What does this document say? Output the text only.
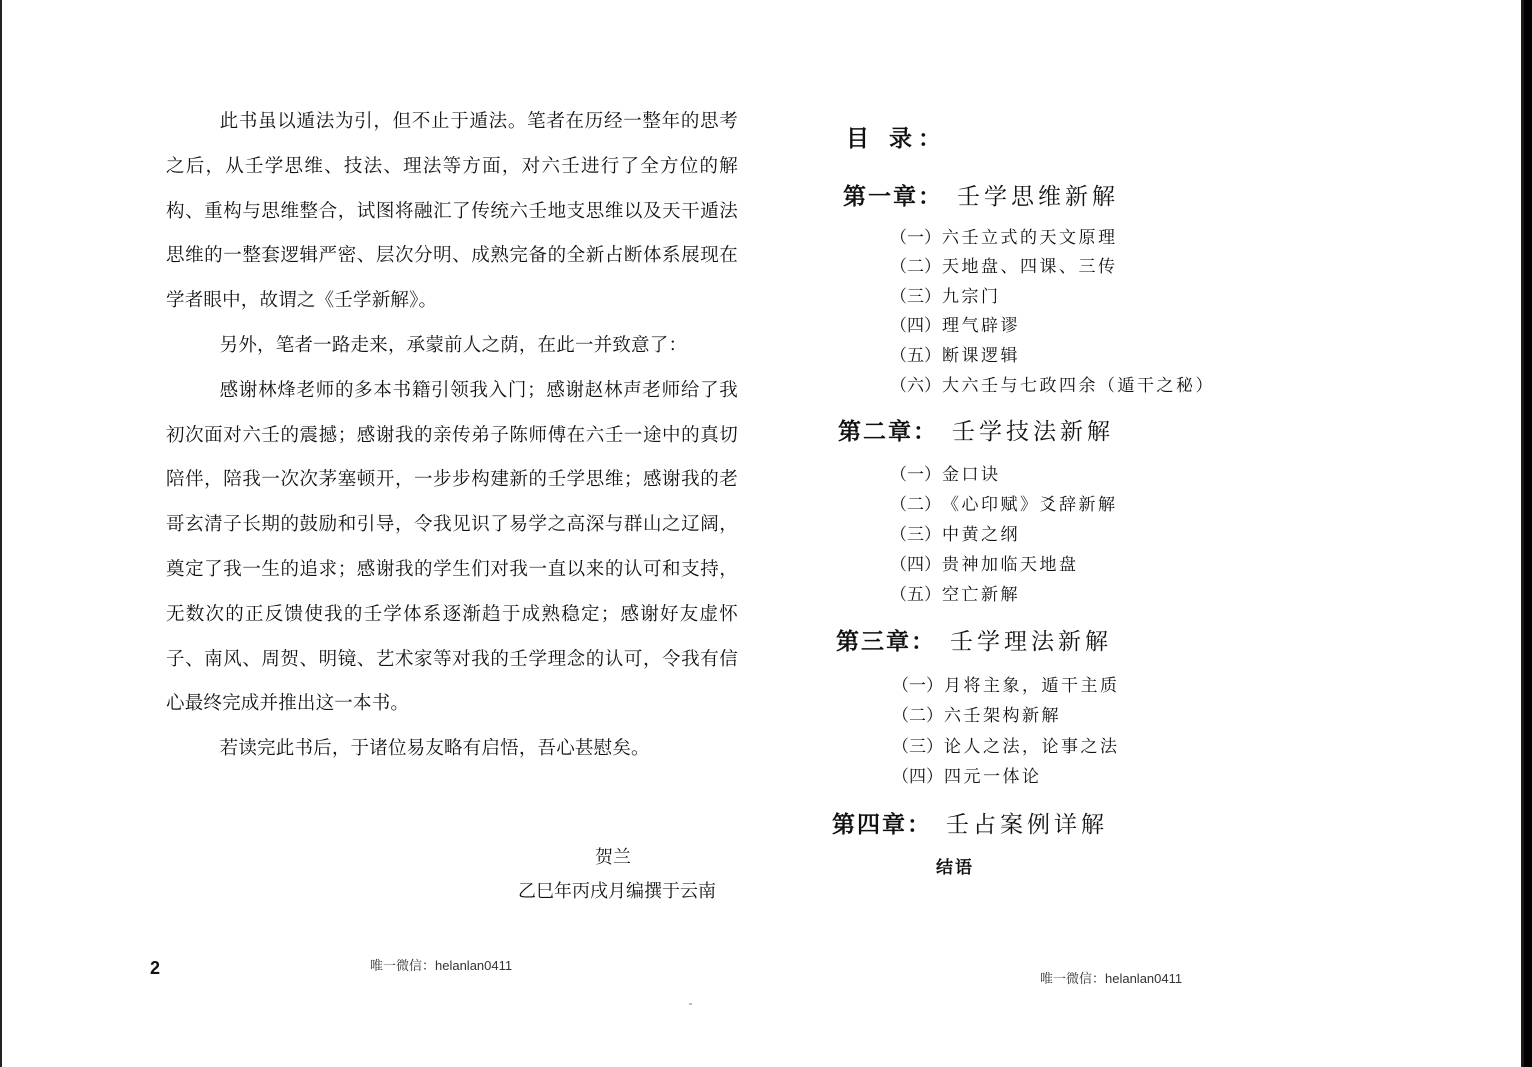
此书虽以遁法为引，但不止于遁法。笔者在历经一整年的思考之后，从壬学思维、技法、理法等方面，对六壬进行了全方位的解构、重构与思维整合，试图将融汇了传统六壬地支思维以及天干遁法思维的一整套逻辑严密、层次分明、成熟完备的全新占断体系展现在学者眼中，故谓之《壬学新解》。

另外，笔者一路走来，承蒙前人之荫，在此一并致意了：

感谢林烽老师的多本书籍引领我入门；感谢赵林声老师给了我初次面对六壬的震撼；感谢我的亲传弟子陈师傅在六壬一途中的真切陪伴，陪我一次次茅塞顿开，一步步构建新的壬学思维；感谢我的老哥玄清子长期的鼓励和引导，令我见识了易学之高深与群山之辽阔，奠定了我一生的追求；感谢我的学生们对我一直以来的认可和支持，无数次的正反馈使我的壬学体系逐渐趋于成熟稳定；感谢好友虚怀子、南风、周贺、明镜、艺术家等对我的壬学理念的认可，令我有信心最终完成并推出这一本书。

若读完此书后，于诸位易友略有启悟，吾心甚慰矣。

贺兰
乙巳年丙戌月编撰于云南
2	唯一微信：helanlan0411
目 录：
第一章： 壬学思维新解
（一）六壬立式的天文原理
（二）天地盘、四课、三传
（三）九宗门
（四）理气辟谬
（五）断课逻辑
（六）大六壬与七政四余（遁干之秘）
第二章： 壬学技法新解
（一）金口诀
（二）《心印赋》爻辞新解
（三）中黄之纲
（四）贵神加临天地盘
（五）空亡新解
第三章： 壬学理法新解
（一）月将主象，遁干主质
（二）六壬架构新解
（三）论人之法，论事之法
（四）四元一体论
第四章： 壬占案例详解
结语
唯一微信：helanlan0411
